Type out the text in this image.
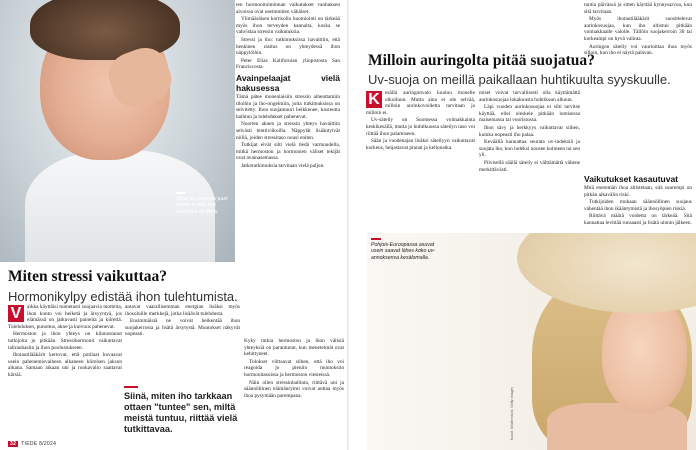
Akne on pahempi juuri ennen tenttiä kun tunnelma on tiiviis.

ten hormonitoiminnan vaikutukset vanhuksen aivoissa ovat useimmiten vähäiset.

Ylimääräisen kortisolin huomiointi on tärkeää myös ihon terveyden kannalta, koska se vahvistaa stressin vaikutuksia.

Stressi ja iho: tutkimuksissa havaittiin, että henkinen rasitus on yhteydessä ihon näppylöihin.

Peter Elias Kalifornian yliopistosta San Franciscosta.

Avainpelaajat vielä hakusessa

Tämä pätee monenlaisiin stressin aiheuttamiin tiloihin ja iho-ongelmiin, joita tutkimuksissa on selvitetty. Ihon suojamuuri heikkenee, kosteutta haihtuu ja tulehdukset pahenevat.

Nuorten aknen ja stressin yhteys havaittiin selvästi tenttiviikoilla. Näppylät lisääntyivät niillä, joiden stressitaso nousi eniten.

Tutkijat eivät silti vielä tiedä varmuudella, mitkä hermoston ja hormonien väliset tekijät ovat avainasemassa.

Jatkotutkimuksia tarvitaan vielä paljon.

Miten stressi vaikuttaa?
Hormonikylpy edistää ihon tulehtumista.

V	aikka käyttäisi tunnetusti suojaavia tuotteita, ihon kunto voi heiketä ja ärsyyntyä, jos elämässä on jatkuvasti paineita ja kiirettä. Tulehdukset, punoitus, akne ja kuivuus pahenevat.

Hermoston ja ihon yhteys on kiinnostanut tutkijoita jo pitkään. Stressihormonit vaikuttavat talirauhasiin ja ihon puolustukseen.

Ihotautilääkärit kertovat, että potilaat kuvaavat usein pahenemisvaiheen alkaneen kiireisen jakson aikana. Samaan aikaan uni ja ruokavalio saattavat kärsiä.

antavat vaarallisemman energian lisäksi myös ihosoluille merkkejä, jotka lisäävät tulehdusta.

Ensimmäisiä ne voivat heikentää ihon suojakerrosta ja lisätä ärsytystä. Muutokset näkyvät nopeasti.

Siinä, miten iho tarkkaan ottaen "tuntee" sen, miltä meistä tuntuu, riittää vielä tutkittavaa.

Kyky tutkia hermoston ja ihon välisiä yhteyksiä on parantunut, kun menetelmät ovat kehittyneet.

Tulokset viittaavat siihen, että iho voi reagoida jo pieniin muutoksiin hormonitasoissa ja hermoston viesteissä.

Näin ollen stressinhallinta, riittävä uni ja säännöllinen elämänrytmi voivat auttaa myös ihoa pysymään parempana.

32 TIEDE 8/2024
Milloin auringolta pitää suojatua?
Uv-suoja on meillä paikallaan huhtikuulta syyskuulle.

K esällä auringonvalo kuuluu monelle ulkoiluun. Mutta aina ei ole selvää, milloin aurinkovoidetta tarvitaan ja milloin ei.

Uv-säteily on Suomessa voimakkainta keskikesällä, mutta jo huhtikuussa säteilyn taso voi riittää ihon palamiseen.

Sään ja vuodenajan lisäksi säteilyyn vaikuttavat korkeus, heijastavat pinnat ja kellonaika.

miset voivat turvallisesti olla käyttämättä aurinkosuojaa lokakuusta huhtikuun alkuun.

Läpi vuoden aurinkosuojaa ei silti tarvitse käyttää, ellei oleskele pitkään lumisessa maisemassa tai vuoristossa.

Ihon sävy ja herkkyys vaikuttavat siihen, kuinka nopeasti iho palaa.

Keväällä kannattaa seurata uv-indeksiä ja suojata iho, kun indeksi nousee kolmeen tai sen yli.

Pilvisellä säällä säteily ei välttämättä vähene merkittävästi.

tuntia päivässä ja sitten käyttää kynnysarvoa, kun sitä tarvitaan.

Myös ihotautilääkärit suosittelevat aurinkosuojaa, kun iho altistuu pitkään voimakkaalle valolle. Tällöin suojakerroin 30 tai korkeampi on hyvä valinta.

Auringon säteily voi vaurioittaa ihoa myös silloin, kun iho ei näytä palavan.

Vaikutukset kasautuvat

Mitä enemmän ihoa altistetaan, sitä suurempi on pitkän aikavälin riski.

Tutkijoiden mukaan säännöllinen suojaus vähentää ihon ikääntymistä ja ihosyöpien riskiä.

Riittävä määrä voidetta on tärkeää. Sitä kannattaa levittää runsaasti ja lisätä uinnin jälkeen.

Pohjois-Euroopassa asuvat usein saavat lähes koko uv-annoksensa kesälomalla.
Kuvat: Shutterstock, Getty Images
